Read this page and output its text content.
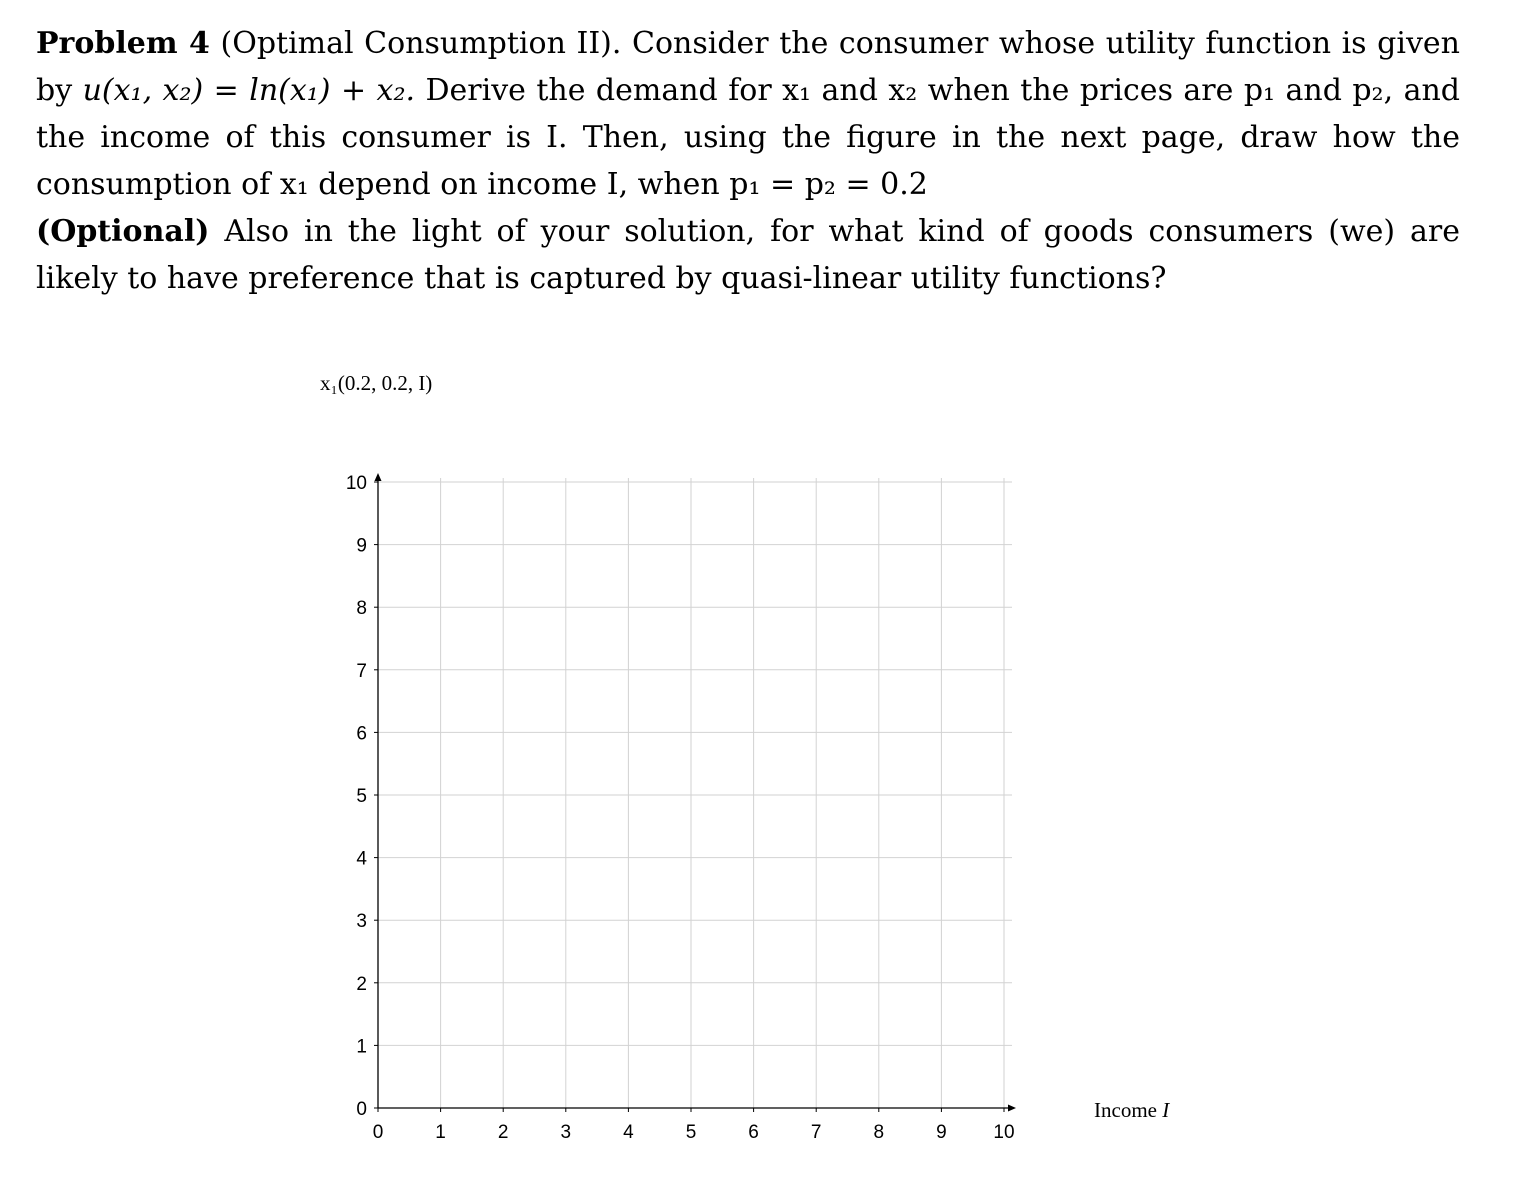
Problem 4 (Optimal Consumption II). Consider the consumer whose utility function is given by u(x₁, x₂) = ln(x₁) + x₂. Derive the demand for x₁ and x₂ when the prices are p₁ and p₂, and the income of this consumer is I. Then, using the figure in the next page, draw how the consumption of x₁ depend on income I, when p₁ = p₂ = 0.2

(Optional) Also in the light of your solution, for what kind of goods consumers (we) are likely to have preference that is captured by quasi-linear utility functions?

x₁(0.2, 0.2, I)
0	1	2	3	4	5	6	7	8	9 10
0
1
2
3
4
5
6
7
8
9
10
Income I
